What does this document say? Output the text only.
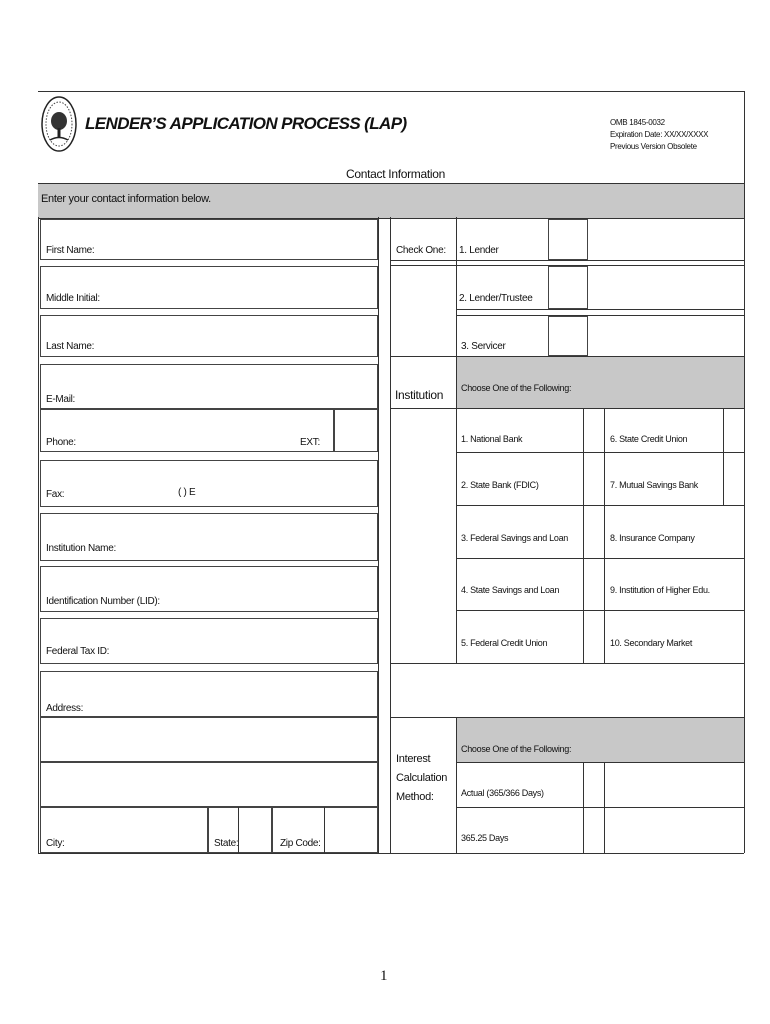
LENDER’S APPLICATION PROCESS (LAP)	OMB 1845-0032
Expiration Date: XX/XX/XXXX
Previous Version Obsolete
Contact Information
Enter your contact information below.
First Name:
Middle Initial:
Last Name:
E-Mail:
Phone:	EXT:
Fax:	( ) E
Institution Name:
Identification Number (LID):
Federal Tax ID:
Address:
City:	State:	Zip Code:
Check One: 1. Lender
2. Lender/Trustee
3. Servicer
Choose One of the Following:
Institution
1. National Bank
2. State Bank (FDIC)
3. Federal Savings and Loan
4. State Savings and Loan
5. Federal Credit Union
6. State Credit Union
7. Mutual Savings Bank
8. Insurance Company
9. Institution of Higher Edu.
10. Secondary Market
Choose One of the Following:
Interest
Calculation
Method:	Actual (365/366 Days)
365.25 Days
1
